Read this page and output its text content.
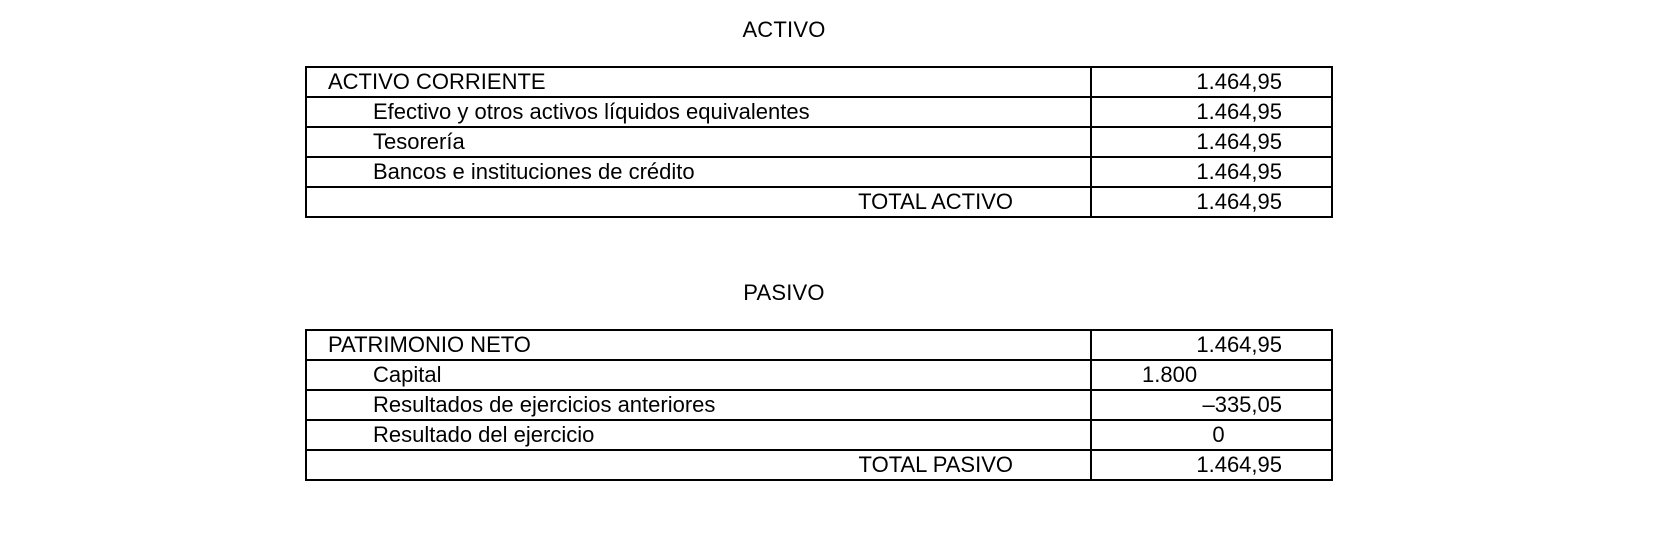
ACTIVO
ACTIVO CORRIENTE	1.464,95
Efectivo y otros activos líquidos equivalentes	1.464,95
Tesorería	1.464,95
Bancos e instituciones de crédito	1.464,95
TOTAL ACTIVO	1.464,95
PASIVO
PATRIMONIO NETO	1.464,95
Capital	1.800
Resultados de ejercicios anteriores	–335,05
Resultado del ejercicio	0
TOTAL PASIVO	1.464,95
